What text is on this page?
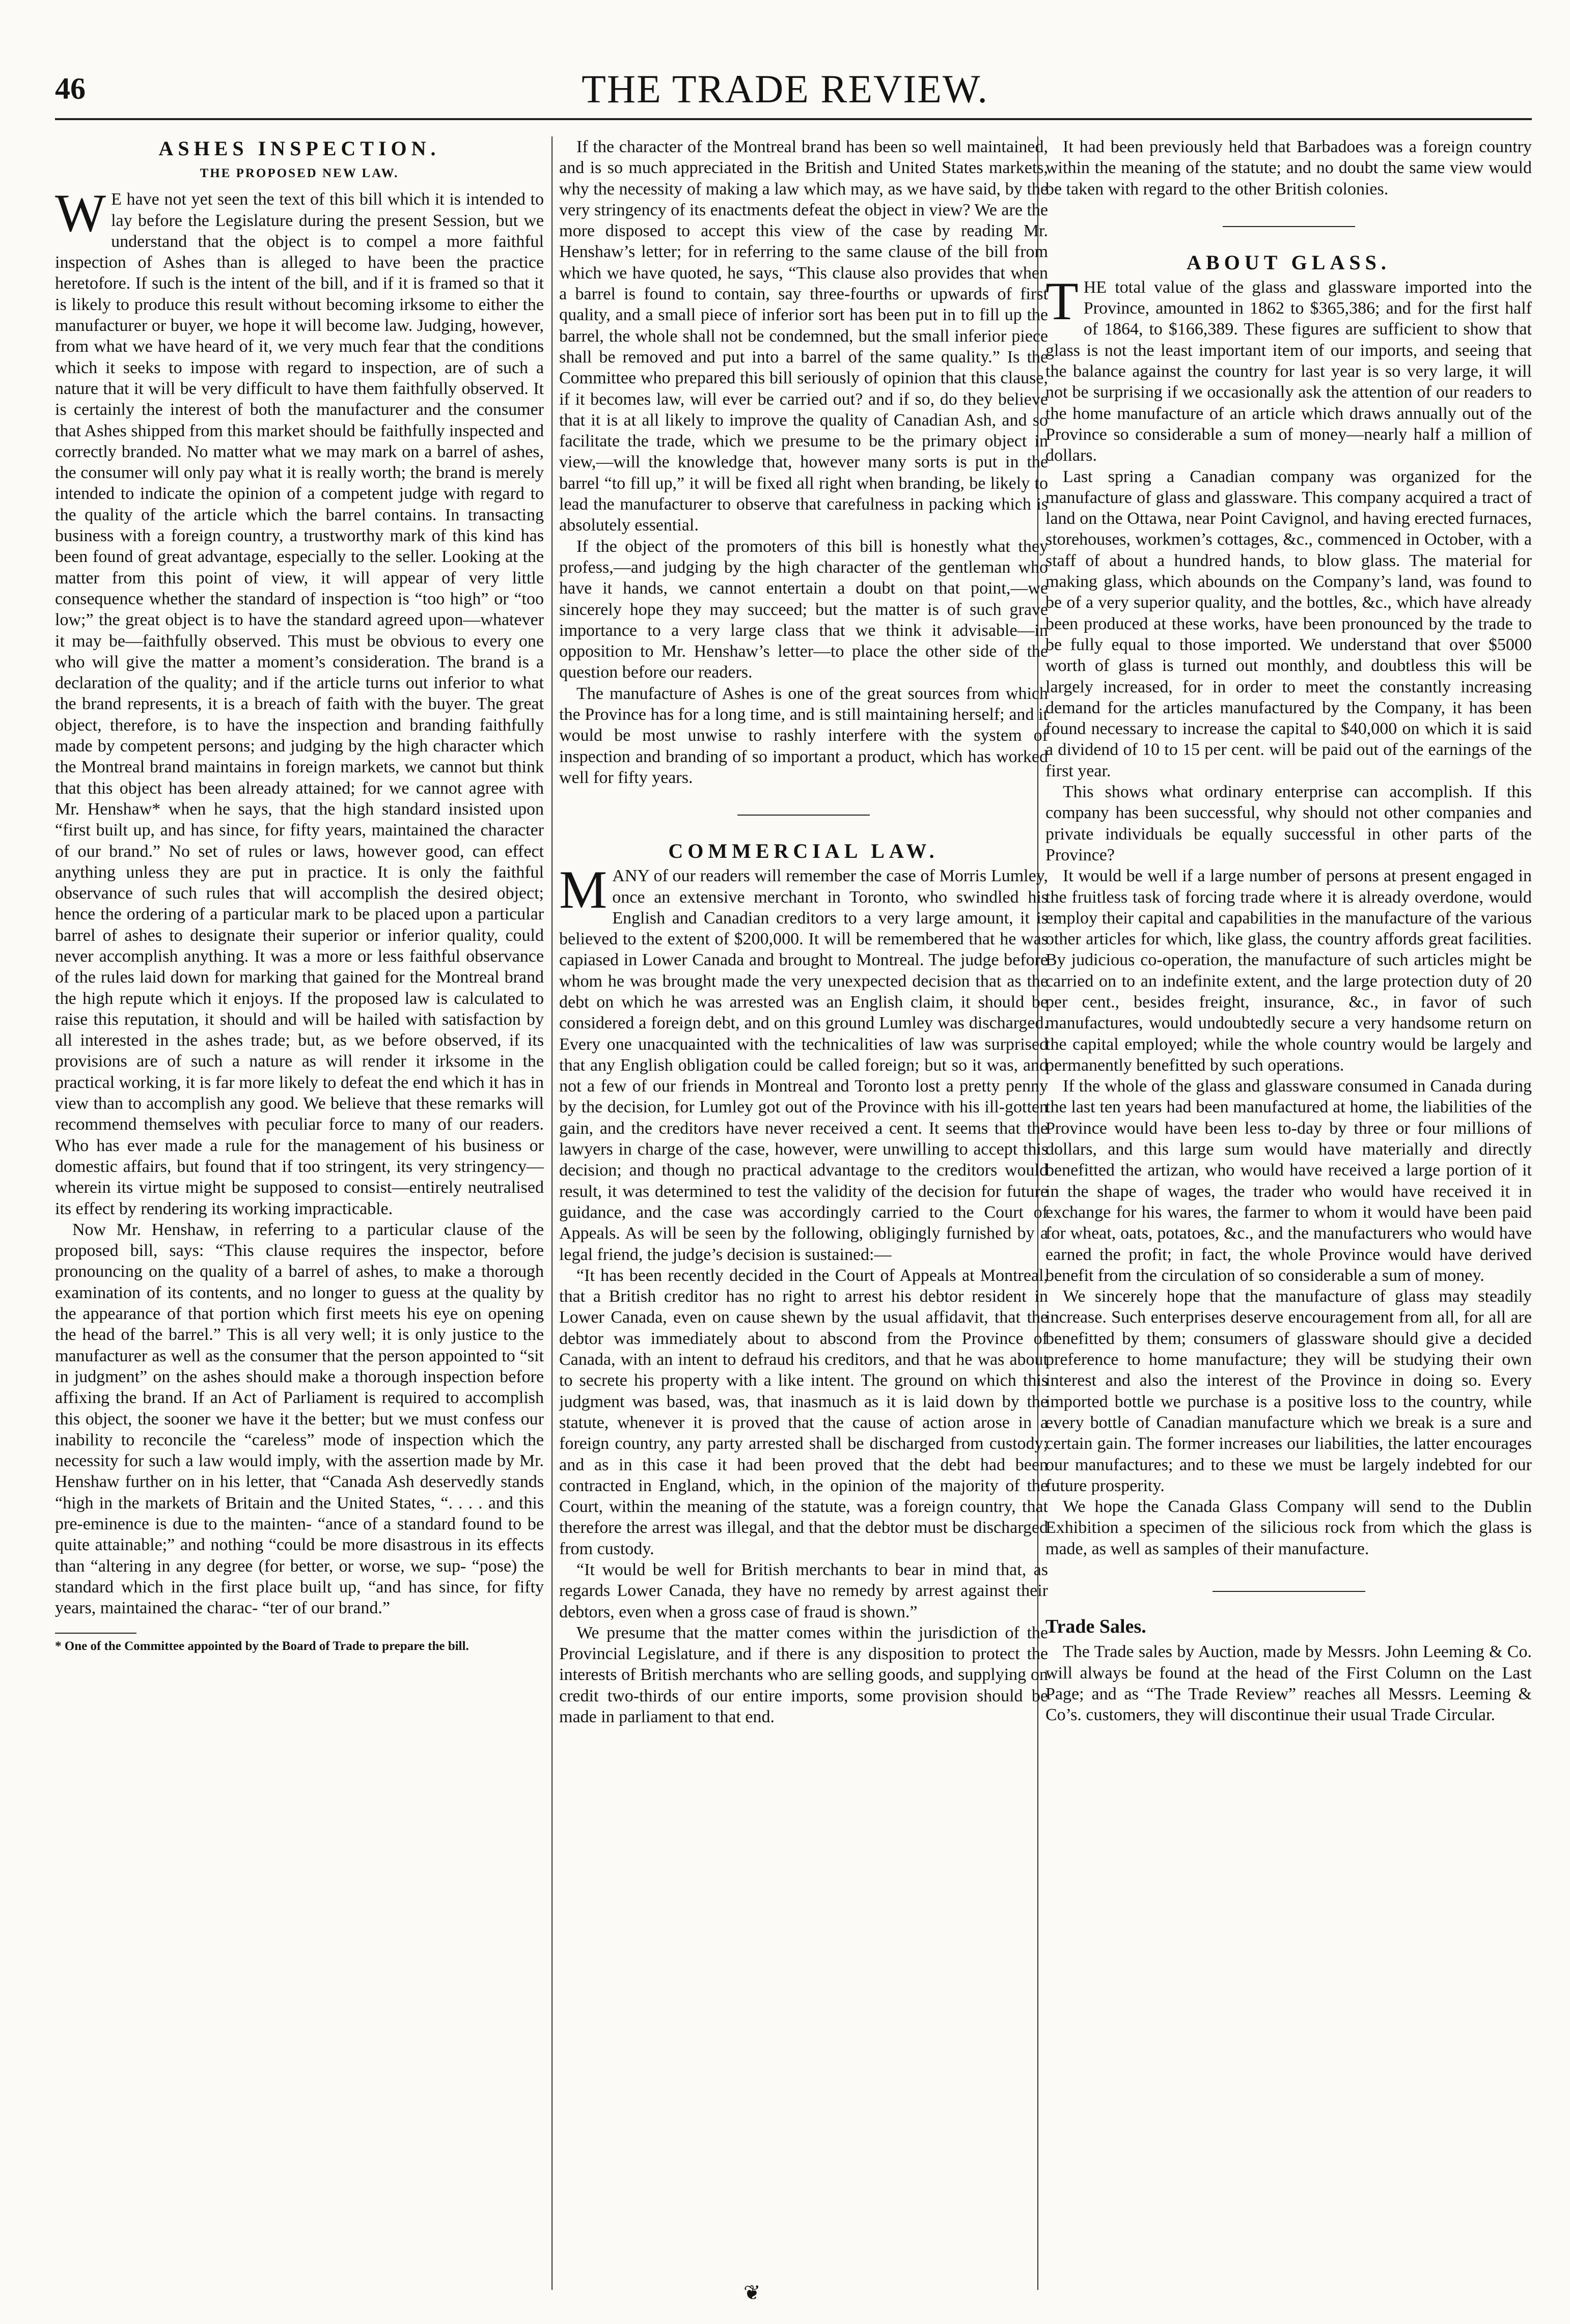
46	THE TRADE REVIEW.
ASHES INSPECTION.
THE PROPOSED NEW LAW.

W E have not yet seen the text of this bill which it is intended to lay before the Legislature during the present Session, but we understand that the object is to compel a more faithful inspection of Ashes than is alleged to have been the practice heretofore. If such is the intent of the bill, and if it is framed so that it is likely to produce this result without becoming irksome to either the manufacturer or buyer, we hope it will become law. Judging, however, from what we have heard of it, we very much fear that the conditions which it seeks to impose with regard to inspection, are of such a nature that it will be very difficult to have them faithfully observed. It is certainly the interest of both the manufacturer and the consumer that Ashes shipped from this market should be faithfully inspected and correctly branded. No matter what we may mark on a barrel of ashes, the consumer will only pay what it is really worth; the brand is merely intended to indicate the opinion of a competent judge with regard to the quality of the article which the barrel contains. In transacting business with a foreign country, a trustworthy mark of this kind has been found of great advantage, especially to the seller. Looking at the matter from this point of view, it will appear of very little consequence whether the standard of inspection is “too high” or “too low;” the great object is to have the standard agreed upon—whatever it may be—faithfully observed. This must be obvious to every one who will give the matter a moment’s consideration. The brand is a declaration of the quality; and if the article turns out inferior to what the brand represents, it is a breach of faith with the buyer. The great object, therefore, is to have the inspection and branding faithfully made by competent persons; and judging by the high character which the Montreal brand maintains in foreign markets, we cannot but think that this object has been already attained; for we cannot agree with Mr. Henshaw* when he says, that the high standard insisted upon “first built up, and has since, for fifty years, maintained the character of our brand.” No set of rules or laws, however good, can effect anything unless they are put in practice. It is only the faithful observance of such rules that will accomplish the desired object; hence the ordering of a particular mark to be placed upon a particular barrel of ashes to designate their superior or inferior quality, could never accomplish anything. It was a more or less faithful observance of the rules laid down for marking that gained for the Montreal brand the high repute which it enjoys. If the proposed law is calculated to raise this reputation, it should and will be hailed with satisfaction by all interested in the ashes trade; but, as we before observed, if its provisions are of such a nature as will render it irksome in the practical working, it is far more likely to defeat the end which it has in view than to accomplish any good. We believe that these remarks will recommend themselves with peculiar force to many of our readers. Who has ever made a rule for the management of his business or domestic affairs, but found that if too stringent, its very stringency—wherein its virtue might be supposed to consist—entirely neutralised its effect by rendering its working impracticable.

Now Mr. Henshaw, in referring to a particular clause of the proposed bill, says: “This clause requires the inspector, before pronouncing on the quality of a barrel of ashes, to make a thorough examination of its contents, and no longer to guess at the quality by the appearance of that portion which first meets his eye on opening the head of the barrel.” This is all very well; it is only justice to the manufacturer as well as the consumer that the person appointed to “sit in judgment” on the ashes should make a thorough inspection before affixing the brand. If an Act of Parliament is required to accomplish this object, the sooner we have it the better; but we must confess our inability to reconcile the “careless” mode of inspection which the necessity for such a law would imply, with the assertion made by Mr. Henshaw further on in his letter, that “Canada Ash deservedly stands “high in the markets of Britain and the United States, “. . . . and this pre-eminence is due to the mainten- “ance of a standard found to be quite attainable;” and nothing “could be more disastrous in its effects than “altering in any degree (for better, or worse, we sup- “pose) the standard which in the first place built up, “and has since, for fifty years, maintained the charac- “ter of our brand.”

* One of the Committee appointed by the Board of Trade to prepare the bill.

If the character of the Montreal brand has been so well maintained, and is so much appreciated in the British and United States markets, why the necessity of making a law which may, as we have said, by the very stringency of its enactments defeat the object in view? We are the more disposed to accept this view of the case by reading Mr. Henshaw’s letter; for in referring to the same clause of the bill from which we have quoted, he says, “This clause also provides that when a barrel is found to contain, say three-fourths or upwards of first quality, and a small piece of inferior sort has been put in to fill up the barrel, the whole shall not be condemned, but the small inferior piece shall be removed and put into a barrel of the same quality.” Is the Committee who prepared this bill seriously of opinion that this clause, if it becomes law, will ever be carried out? and if so, do they believe that it is at all likely to improve the quality of Canadian Ash, and so facilitate the trade, which we presume to be the primary object in view,—will the knowledge that, however many sorts is put in the barrel “to fill up,” it will be fixed all right when branding, be likely to lead the manufacturer to observe that carefulness in packing which is absolutely essential.

If the object of the promoters of this bill is honestly what they profess,—and judging by the high character of the gentleman who have it hands, we cannot entertain a doubt on that point,—we sincerely hope they may succeed; but the matter is of such grave importance to a very large class that we think it advisable—in opposition to Mr. Henshaw’s letter—to place the other side of the question before our readers.

The manufacture of Ashes is one of the great sources from which the Province has for a long time, and is still maintaining herself; and it would be most unwise to rashly interfere with the system of inspection and branding of so important a product, which has worked well for fifty years.

COMMERCIAL LAW.

MANY of our readers will remember the case of Morris Lumley, once an extensive merchant in Toronto, who swindled his English and Canadian creditors to a very large amount, it is believed to the extent of $200,000. It will be remembered that he was capiased in Lower Canada and brought to Montreal. The judge before whom he was brought made the very unexpected decision that as the debt on which he was arrested was an English claim, it should be considered a foreign debt, and on this ground Lumley was discharged. Every one unacquainted with the technicalities of law was surprised that any English obligation could be called foreign; but so it was, and not a few of our friends in Montreal and Toronto lost a pretty penny by the decision, for Lumley got out of the Province with his ill-gotten gain, and the creditors have never received a cent. It seems that the lawyers in charge of the case, however, were unwilling to accept this decision; and though no practical advantage to the creditors would result, it was determined to test the validity of the decision for future guidance, and the case was accordingly carried to the Court of Appeals. As will be seen by the following, obligingly furnished by a legal friend, the judge’s decision is sustained:—

“It has been recently decided in the Court of Appeals at Montreal, that a British creditor has no right to arrest his debtor resident in Lower Canada, even on cause shewn by the usual affidavit, that the debtor was immediately about to abscond from the Province of Canada, with an intent to defraud his creditors, and that he was about to secrete his property with a like intent. The ground on which this judgment was based, was, that inasmuch as it is laid down by the statute, whenever it is proved that the cause of action arose in a foreign country, any party arrested shall be discharged from custody; and as in this case it had been proved that the debt had been contracted in England, which, in the opinion of the majority of the Court, within the meaning of the statute, was a foreign country, that therefore the arrest was illegal, and that the debtor must be discharged from custody.

“It would be well for British merchants to bear in mind that, as regards Lower Canada, they have no remedy by arrest against their debtors, even when a gross case of fraud is shown.”

We presume that the matter comes within the jurisdiction of the Provincial Legislature, and if there is any disposition to protect the interests of British merchants who are selling goods, and supplying on credit two-thirds of our entire imports, some provision should be made in parliament to that end.

It had been previously held that Barbadoes was a foreign country within the meaning of the statute; and no doubt the same view would be taken with regard to the other British colonies.

ABOUT GLASS.

THE total value of the glass and glassware imported into the Province, amounted in 1862 to $365,386; and for the first half of 1864, to $166,389. These figures are sufficient to show that glass is not the least important item of our imports, and seeing that the balance against the country for last year is so very large, it will not be surprising if we occasionally ask the attention of our readers to the home manufacture of an article which draws annually out of the Province so considerable a sum of money—nearly half a million of dollars.

Last spring a Canadian company was organized for the manufacture of glass and glassware. This company acquired a tract of land on the Ottawa, near Point Cavignol, and having erected furnaces, storehouses, workmen’s cottages, &c., commenced in October, with a staff of about a hundred hands, to blow glass. The material for making glass, which abounds on the Company’s land, was found to be of a very superior quality, and the bottles, &c., which have already been produced at these works, have been pronounced by the trade to be fully equal to those imported. We understand that over $5000 worth of glass is turned out monthly, and doubtless this will be largely increased, for in order to meet the constantly increasing demand for the articles manufactured by the Company, it has been found necessary to increase the capital to $40,000 on which it is said a dividend of 10 to 15 per cent. will be paid out of the earnings of the first year.

This shows what ordinary enterprise can accomplish. If this company has been successful, why should not other companies and private individuals be equally successful in other parts of the Province?

It would be well if a large number of persons at present engaged in the fruitless task of forcing trade where it is already overdone, would employ their capital and capabilities in the manufacture of the various other articles for which, like glass, the country affords great facilities. By judicious co-operation, the manufacture of such articles might be carried on to an indefinite extent, and the large protection duty of 20 per cent., besides freight, insurance, &c., in favor of such manufactures, would undoubtedly secure a very handsome return on the capital employed; while the whole country would be largely and permanently benefitted by such operations.

If the whole of the glass and glassware consumed in Canada during the last ten years had been manufactured at home, the liabilities of the Province would have been less to-day by three or four millions of dollars, and this large sum would have materially and directly benefitted the artizan, who would have received a large portion of it in the shape of wages, the trader who would have received it in exchange for his wares, the farmer to whom it would have been paid for wheat, oats, potatoes, &c., and the manufacturers who would have earned the profit; in fact, the whole Province would have derived benefit from the circulation of so considerable a sum of money.

We sincerely hope that the manufacture of glass may steadily increase. Such enterprises deserve encouragement from all, for all are benefitted by them; consumers of glassware should give a decided preference to home manufacture; they will be studying their own interest and also the interest of the Province in doing so. Every imported bottle we purchase is a positive loss to the country, while every bottle of Canadian manufacture which we break is a sure and certain gain. The former increases our liabilities, the latter encourages our manufactures; and to these we must be largely indebted for our future prosperity.

We hope the Canada Glass Company will send to the Dublin Exhibition a specimen of the silicious rock from which the glass is made, as well as samples of their manufacture.

Trade Sales.

The Trade sales by Auction, made by Messrs. John Leeming & Co. will always be found at the head of the First Column on the Last Page; and as “The Trade Review” reaches all Messrs. Leeming & Co’s. customers, they will discontinue their usual Trade Circular.

❦
